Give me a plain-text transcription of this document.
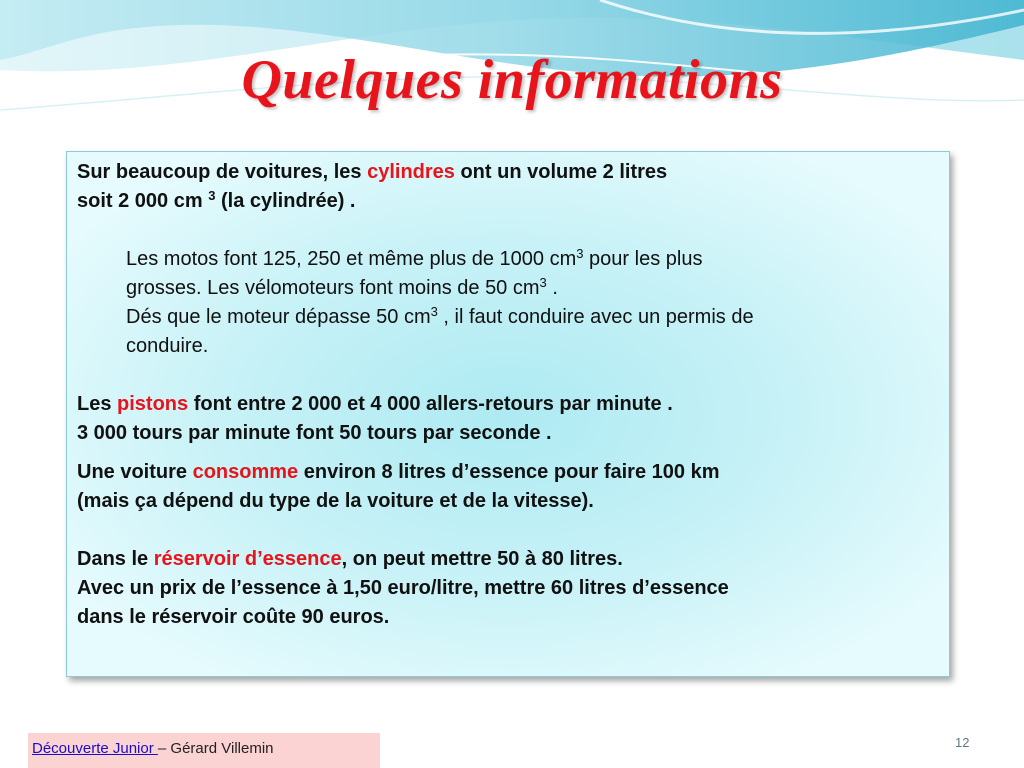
Quelques informations

Sur beaucoup de voitures, les cylindres ont un volume 2 litres

soit 2 000 cm $^3$ (la cylindrée) .

Les motos font 125, 250 et même plus de 1000 $cm^3$ pour les plus

grosses. Les vélomoteurs font moins de 50 $cm^3$ .

Dés que le moteur dépasse 50 $cm^3$ , il faut conduire avec un permis de

conduire.

Les pistons font entre 2 000 et 4 000 allers-retours par minute .

3 000 tours par minute font 50 tours par seconde .

Une voiture consomme environ 8 litres d’essence pour faire 100 km

(mais ça dépend du type de la voiture et de la vitesse).

Dans le réservoir d’essence, on peut mettre 50 à 80 litres.

Avec un prix de l’essence à 1,50 euro/litre, mettre 60 litres d’essence

dans le réservoir coûte 90 euros.

Découverte Junior – Gérard Villemin	12
